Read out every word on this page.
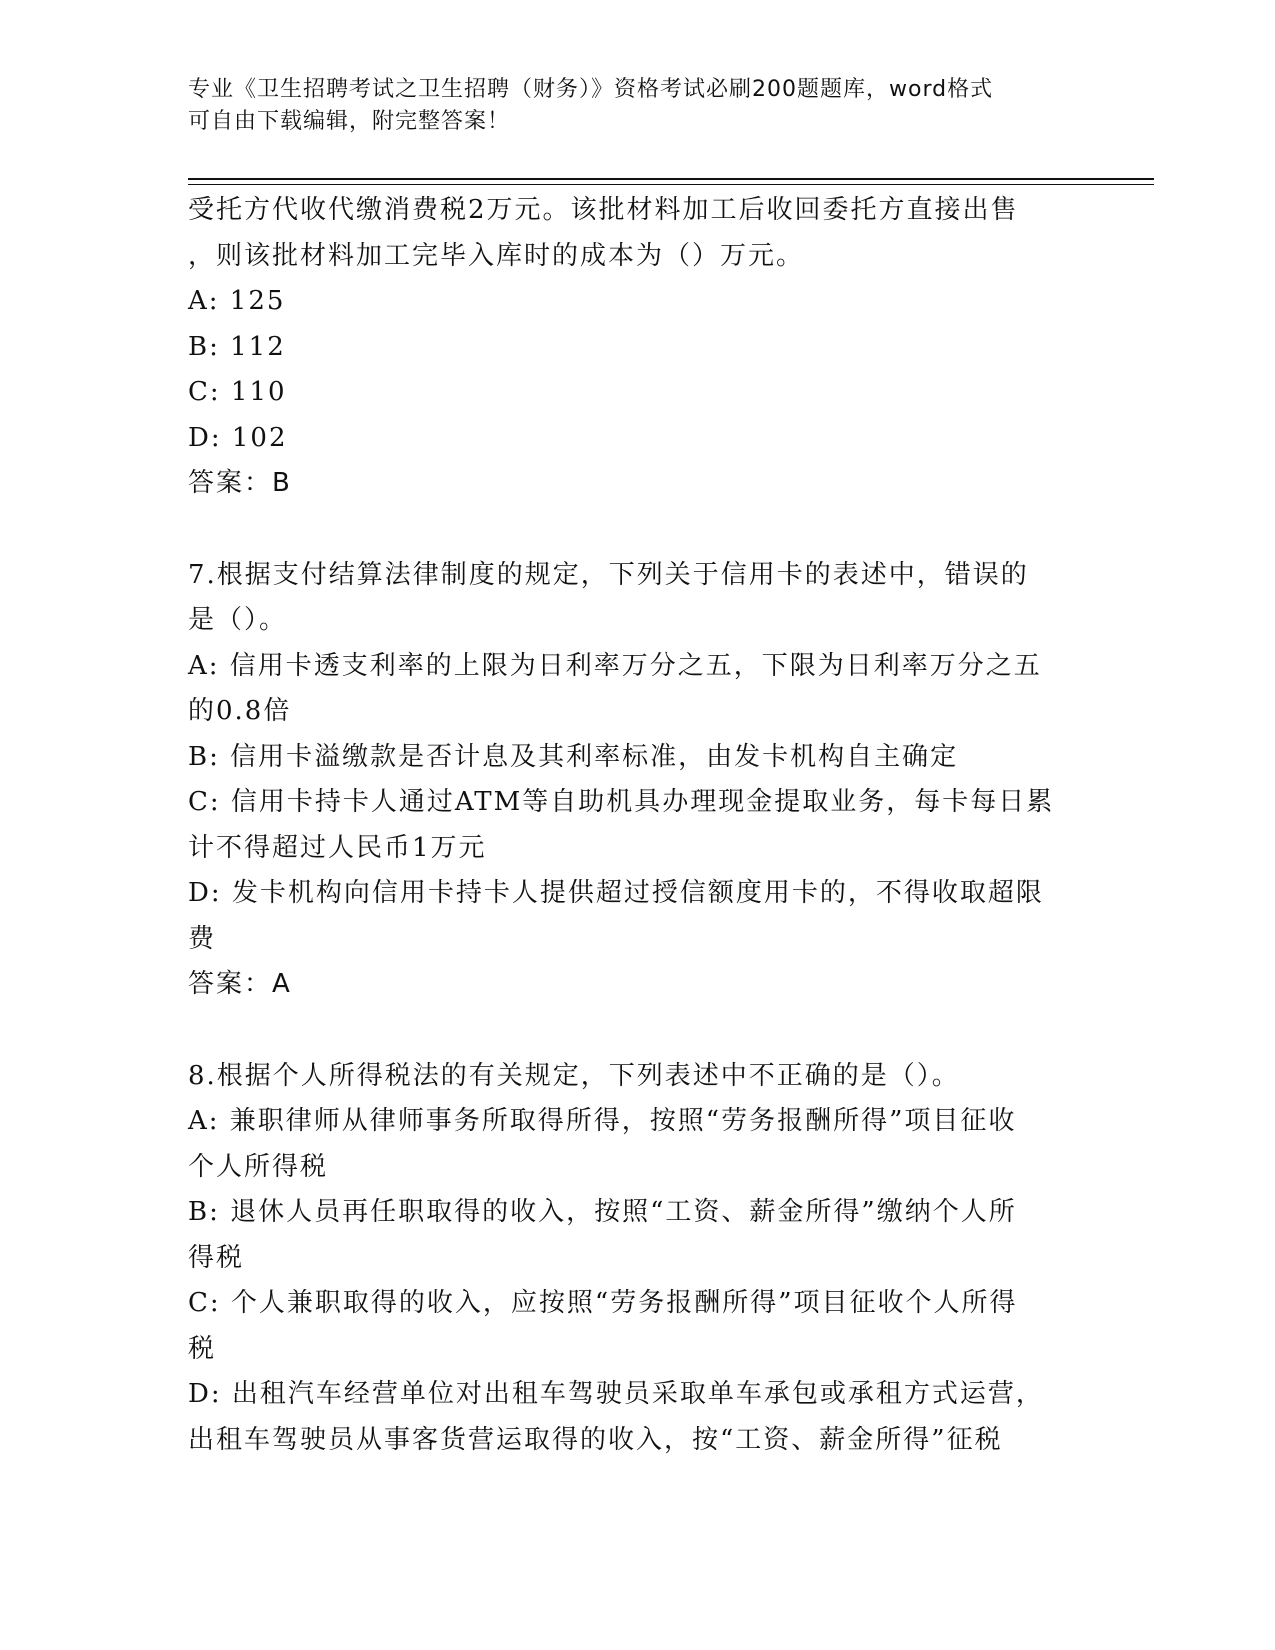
专业《卫生招聘考试之卫生招聘（财务）》资格考试必刷200题题库，word格式
可自由下载编辑，附完整答案！
受托方代收代缴消费税2万元。该批材料加工后收回委托方直接出售
，则该批材料加工完毕入库时的成本为（）万元。
A: 125
B: 112
C: 110
D: 102
答案：B
7.根据支付结算法律制度的规定，下列关于信用卡的表述中，错误的
是（）。
A: 信用卡透支利率的上限为日利率万分之五，下限为日利率万分之五
的0.8倍
B: 信用卡溢缴款是否计息及其利率标准，由发卡机构自主确定
C: 信用卡持卡人通过ATM等自助机具办理现金提取业务，每卡每日累
计不得超过人民币1万元
D: 发卡机构向信用卡持卡人提供超过授信额度用卡的，不得收取超限
费
答案：A
8.根据个人所得税法的有关规定，下列表述中不正确的是（）。
A: 兼职律师从律师事务所取得所得，按照“劳务报酬所得”项目征收
个人所得税
B: 退休人员再任职取得的收入，按照“工资、薪金所得”缴纳个人所
得税
C: 个人兼职取得的收入，应按照“劳务报酬所得”项目征收个人所得
税
D: 出租汽车经营单位对出租车驾驶员采取单车承包或承租方式运营，
出租车驾驶员从事客货营运取得的收入，按“工资、薪金所得”征税
